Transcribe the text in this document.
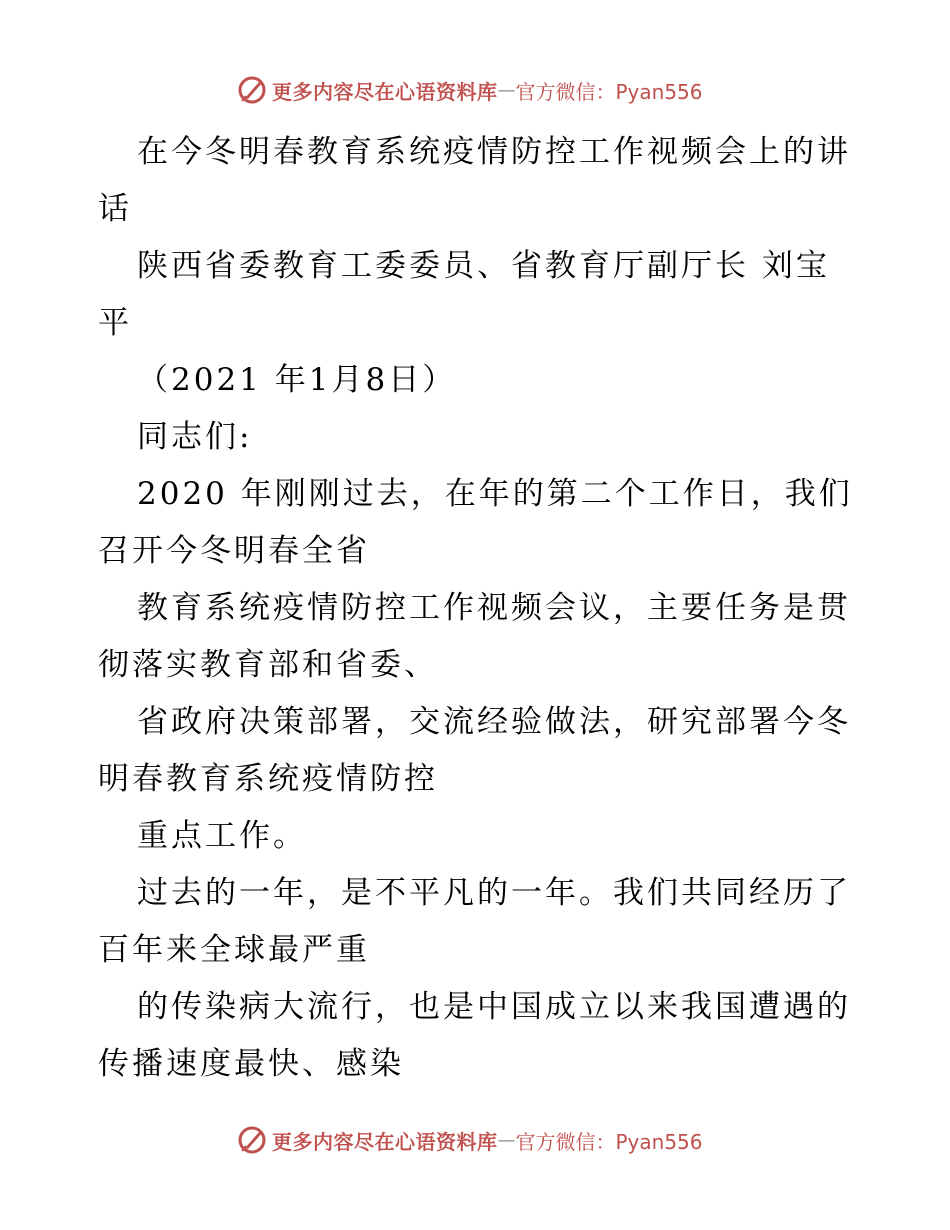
更多内容尽在心语资料库 — 官方微信：Pyan556
在今冬明春教育系统疫情防控工作视频会上的讲
话
陕西省委教育工委委员、省教育厅副厅长 刘宝
平
（2021 年1月8日）
同志们:
2020 年刚刚过去，在年的第二个工作日，我们
召开今冬明春全省
教育系统疫情防控工作视频会议，主要任务是贯
彻落实教育部和省委、
省政府决策部署，交流经验做法，研究部署今冬
明春教育系统疫情防控
重点工作。
过去的一年，是不平凡的一年。我们共同经历了
百年来全球最严重
的传染病大流行，也是中国成立以来我国遭遇的
传播速度最快、感染
更多内容尽在心语资料库 — 官方微信：Pyan556
